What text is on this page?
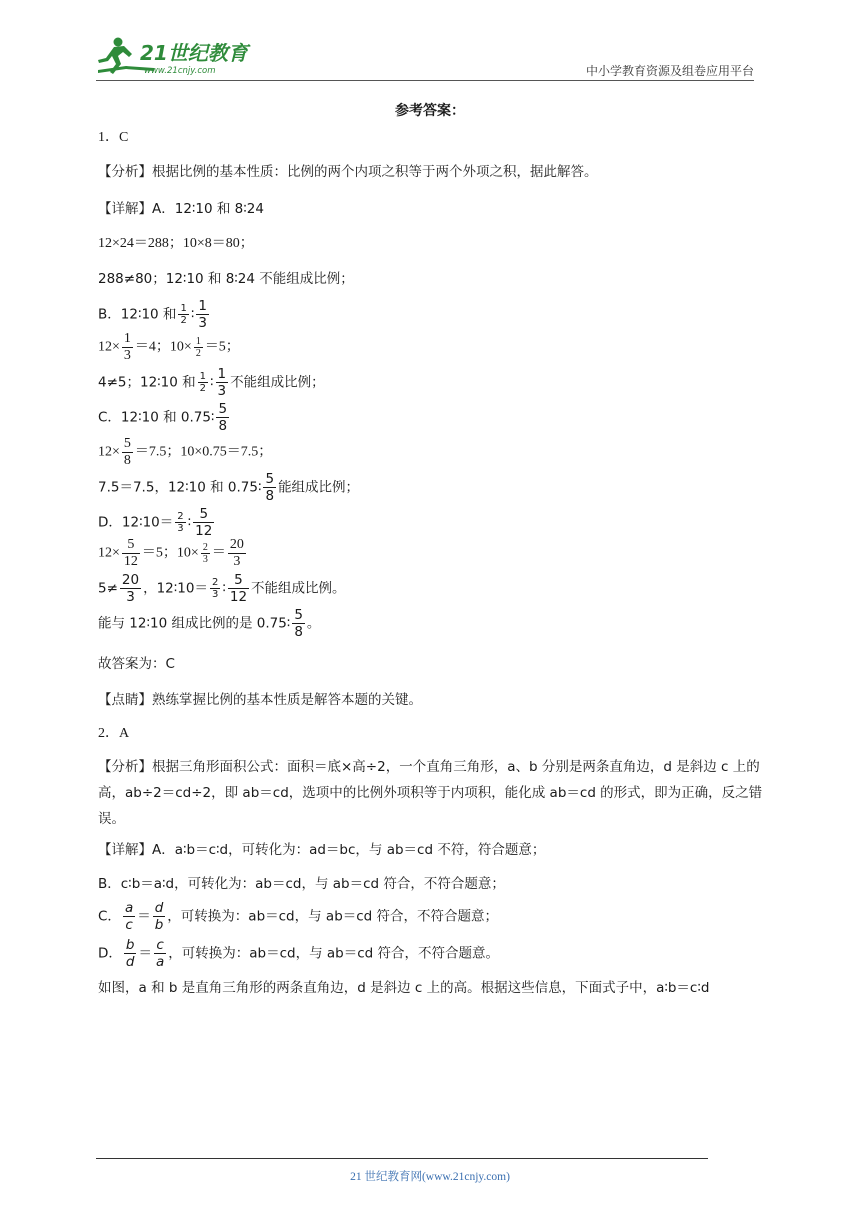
21世纪教育
www.21cnjy.com	中小学教育资源及组卷应用平台
参考答案：
1．C
【分析】根据比例的基本性质：比例的两个内项之积等于两个外项之积，据此解答。
【详解】A．12∶10 和 8∶24
12×24＝288；10×8＝80；
288≠80；12∶10 和 8∶24 不能组成比例；
B．12∶10 和 $\frac{1}{2}$ ∶ $\frac{1}{3}$
$12\times \frac{1}{3} =4$；$10\times \frac{1}{2} =5$；
4≠5；12∶10 和 $\frac{1}{2}$ ∶ $\frac{1}{3}$ 不能组成比例；
C．12∶10 和 0.75∶ $\frac{5}{8}$
$12\times \frac{5}{8} =7.5$；10×0.75＝7.5；
7.5＝7.5，12∶10 和 0.75∶ $\frac{5}{8}$ 能组成比例；
D．12∶10＝ $\frac{2}{3}$ ∶ $\frac{5}{12}$
$12\times \frac{5}{12} =5$；$10\times \frac{2}{3} = \frac{20}{3}$
$5\ne \frac{20}{3}$ ，12∶10＝ $\frac{2}{3}$ ∶ $\frac{5}{12}$ 不能组成比例。
能与 12∶10 组成比例的是 0.75∶ $\frac{5}{8}$ 。
故答案为：C
【点睛】熟练掌握比例的基本性质是解答本题的关键。
2．A
【分析】根据三角形面积公式：面积＝底×高÷2，一个直角三角形，a、b 分别是两条直角边，d 是斜边 c 上的高，ab÷2＝cd÷2，即 ab＝cd，选项中的比例外项积等于内项积，能化成 ab＝cd 的形式，即为正确，反之错误。
【详解】A．a∶b＝c∶d，可转化为：ad＝bc，与 ab＝cd 不符，符合题意；
B．c∶b＝a∶d，可转化为：ab＝cd，与 ab＝cd 符合，不符合题意；
C． $\frac{a}{c} = \frac{d}{b}$ ，可转换为：ab＝cd，与 ab＝cd 符合，不符合题意；
D． $\frac{b}{d} = \frac{c}{a}$ ，可转换为：ab＝cd，与 ab＝cd 符合，不符合题意。
如图，a 和 b 是直角三角形的两条直角边，d 是斜边 c 上的高。根据这些信息，下面式子中，a∶b＝c∶d
21 世纪教育网(www.21cnjy.com)
